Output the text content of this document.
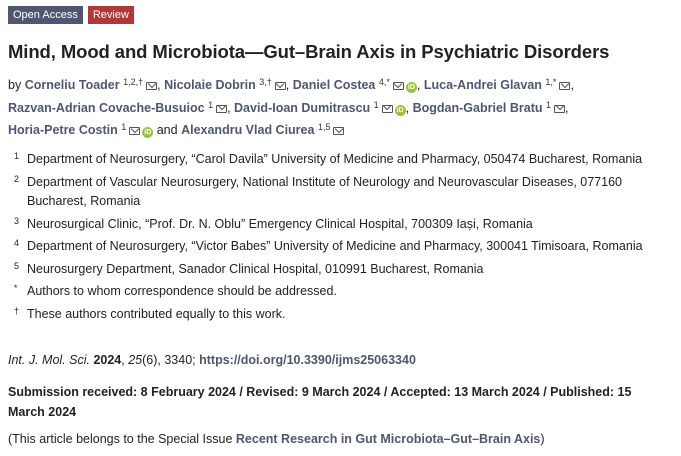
Open Access	Review
Mind, Mood and Microbiota—Gut–Brain Axis in Psychiatric Disorders
by Corneliu Toader $^{1,2,\dagger}$ , Nicolaie Dobrin $^{3,\dagger}$ , Daniel Costea $^{4,*}$iD , Luca-Andrei Glavan $^{1,*}$ ,
Razvan-Adrian Covache-Busuioc $^1$ , David-Ioan Dumitrascu $^1$iD , Bogdan-Gabriel Bratu $^1$ ,
Horia-Petre Costin $^1$iD and Alexandru Vlad Ciurea $^{1,5}$
1 Department of Neurosurgery, “Carol Davila” University of Medicine and Pharmacy, 050474 Bucharest, Romania
2 Department of Vascular Neurosurgery, National Institute of Neurology and Neurovascular Diseases, 077160 Bucharest, Romania
3 Neurosurgical Clinic, “Prof. Dr. N. Oblu” Emergency Clinical Hospital, 700309 Iași, Romania
4 Department of Neurosurgery, “Victor Babes” University of Medicine and Pharmacy, 300041 Timisoara, Romania
5 Neurosurgery Department, Sanador Clinical Hospital, 010991 Bucharest, Romania
* Authors to whom correspondence should be addressed.
† These authors contributed equally to this work.
Int. J. Mol. Sci. 2024, 25(6), 3340; https://doi.org/10.3390/ijms25063340
Submission received: 8 February 2024 / Revised: 9 March 2024 / Accepted: 13 March 2024 / Published: 15 March 2024
(This article belongs to the Special Issue Recent Research in Gut Microbiota–Gut–Brain Axis)
